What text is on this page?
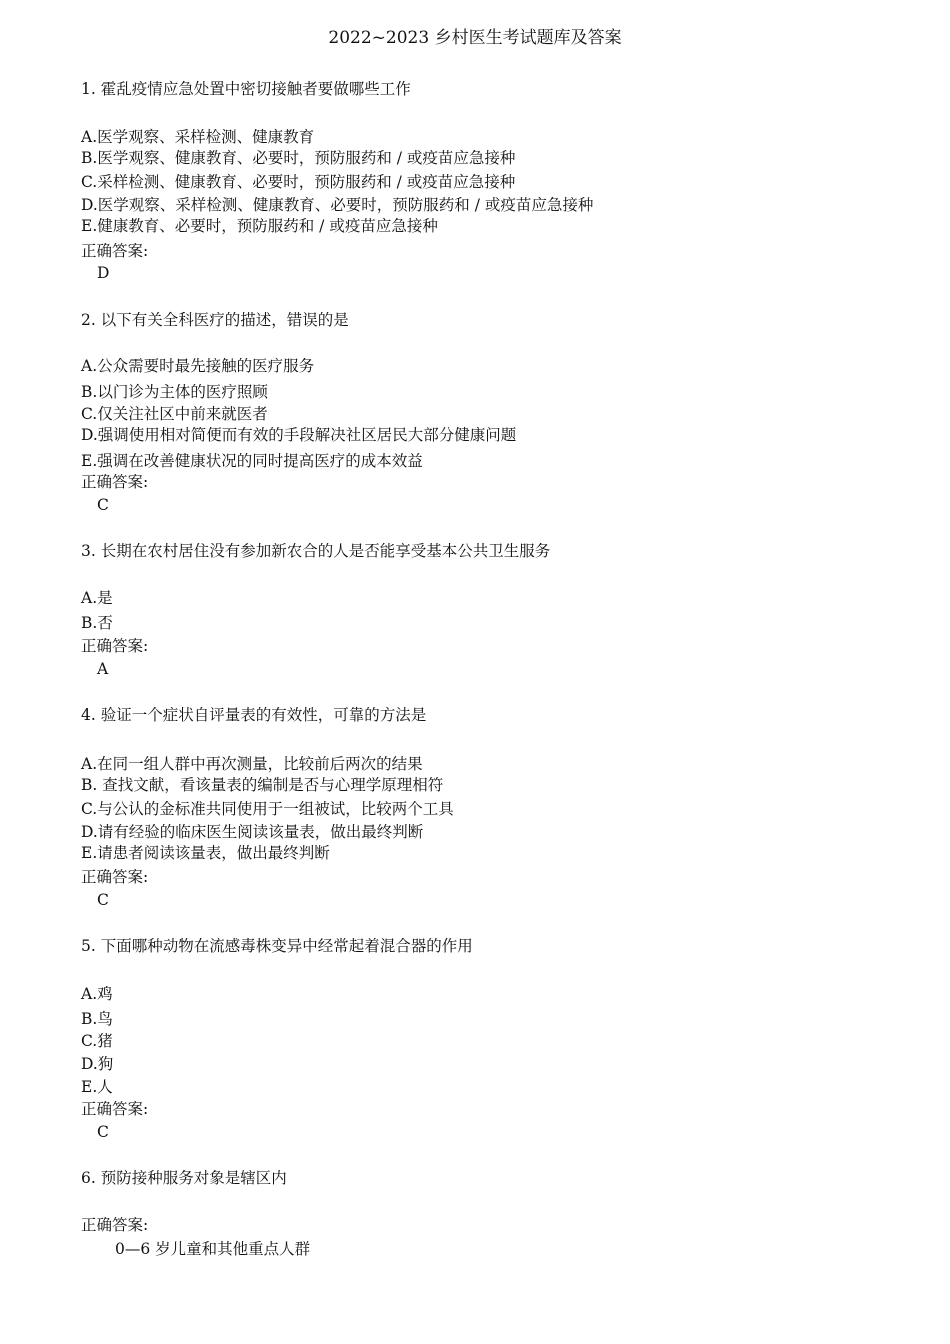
2022~2023 乡村医生考试题库及答案
1. 霍乱疫情应急处置中密切接触者要做哪些工作
A.医学观察、采样检测、健康教育
B.医学观察、健康教育、必要时，预防服药和 / 或疫苗应急接种
C.采样检测、健康教育、必要时，预防服药和 / 或疫苗应急接种
D.医学观察、采样检测、健康教育、必要时，预防服药和 / 或疫苗应急接种
E.健康教育、必要时，预防服药和 / 或疫苗应急接种
正确答案:
D
2. 以下有关全科医疗的描述，错误的是
A.公众需要时最先接触的医疗服务
B.以门诊为主体的医疗照顾
C.仅关注社区中前来就医者
D.强调使用相对简便而有效的手段解决社区居民大部分健康问题
E.强调在改善健康状况的同时提高医疗的成本效益
正确答案:
C
3. 长期在农村居住没有参加新农合的人是否能享受基本公共卫生服务
A.是
B.否
正确答案:
A
4. 验证一个症状自评量表的有效性，可靠的方法是
A.在同一组人群中再次测量，比较前后两次的结果
B. 查找文献，看该量表的编制是否与心理学原理相符
C.与公认的金标准共同使用于一组被试，比较两个工具
D.请有经验的临床医生阅读该量表，做出最终判断
E.请患者阅读该量表，做出最终判断
正确答案:
C
5. 下面哪种动物在流感毒株变异中经常起着混合器的作用
A.鸡
B.鸟
C.猪
D.狗
E.人
正确答案:
C
6. 预防接种服务对象是辖区内
正确答案:
0—6 岁儿童和其他重点人群
